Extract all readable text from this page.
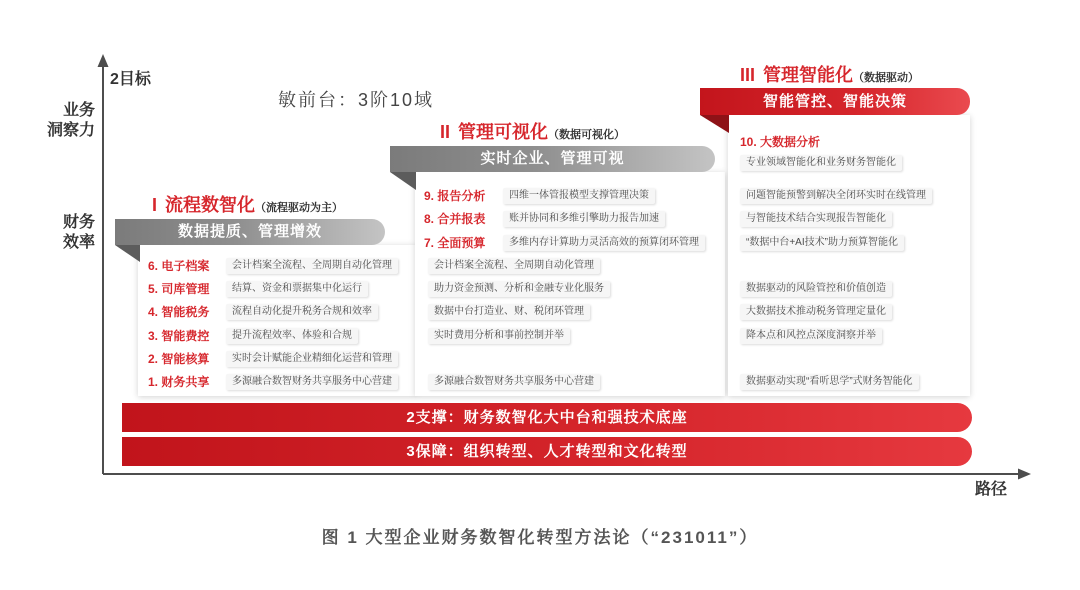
2目标
业务
洞察力
财务
效率
路径
敏前台：3阶10域
I 流程数智化（流程驱动为主）
数据提质、管理增效
6. 电子档案	会计档案全流程、全周期自动化管理
5. 司库管理	结算、资金和票据集中化运行
4. 智能税务	流程自动化提升税务合规和效率
3. 智能费控	提升流程效率、体验和合规
2. 智能核算	实时会计赋能企业精细化运营和管理
1. 财务共享	多源融合数智财务共享服务中心营建
II 管理可视化（数据可视化）
实时企业、管理可视
9. 报告分析	四维一体管报模型支撑管理决策
8. 合并报表	账并协同和多维引擎助力报告加速
7. 全面预算	多维内存计算助力灵活高效的预算闭环管理
会计档案全流程、全周期自动化管理
助力资金预测、分析和金融专业化服务
数据中台打造业、财、税闭环管理
实时费用分析和事前控制并举
多源融合数智财务共享服务中心营建
III 管理智能化（数据驱动）
智能管控、智能决策
10. 大数据分析
专业领域智能化和业务财务智能化
问题智能预警到解决全闭环实时在线管理
与智能技术结合实现报告智能化
“数据中台+AI技术”助力预算智能化
数据驱动的风险管控和价值创造
大数据技术推动税务管理定量化
降本点和风控点深度洞察并举
数据驱动实现“看听思学”式财务智能化
2支撑：财务数智化大中台和强技术底座
3保障：组织转型、人才转型和文化转型
图 1 大型企业财务数智化转型方法论（“231011”）
